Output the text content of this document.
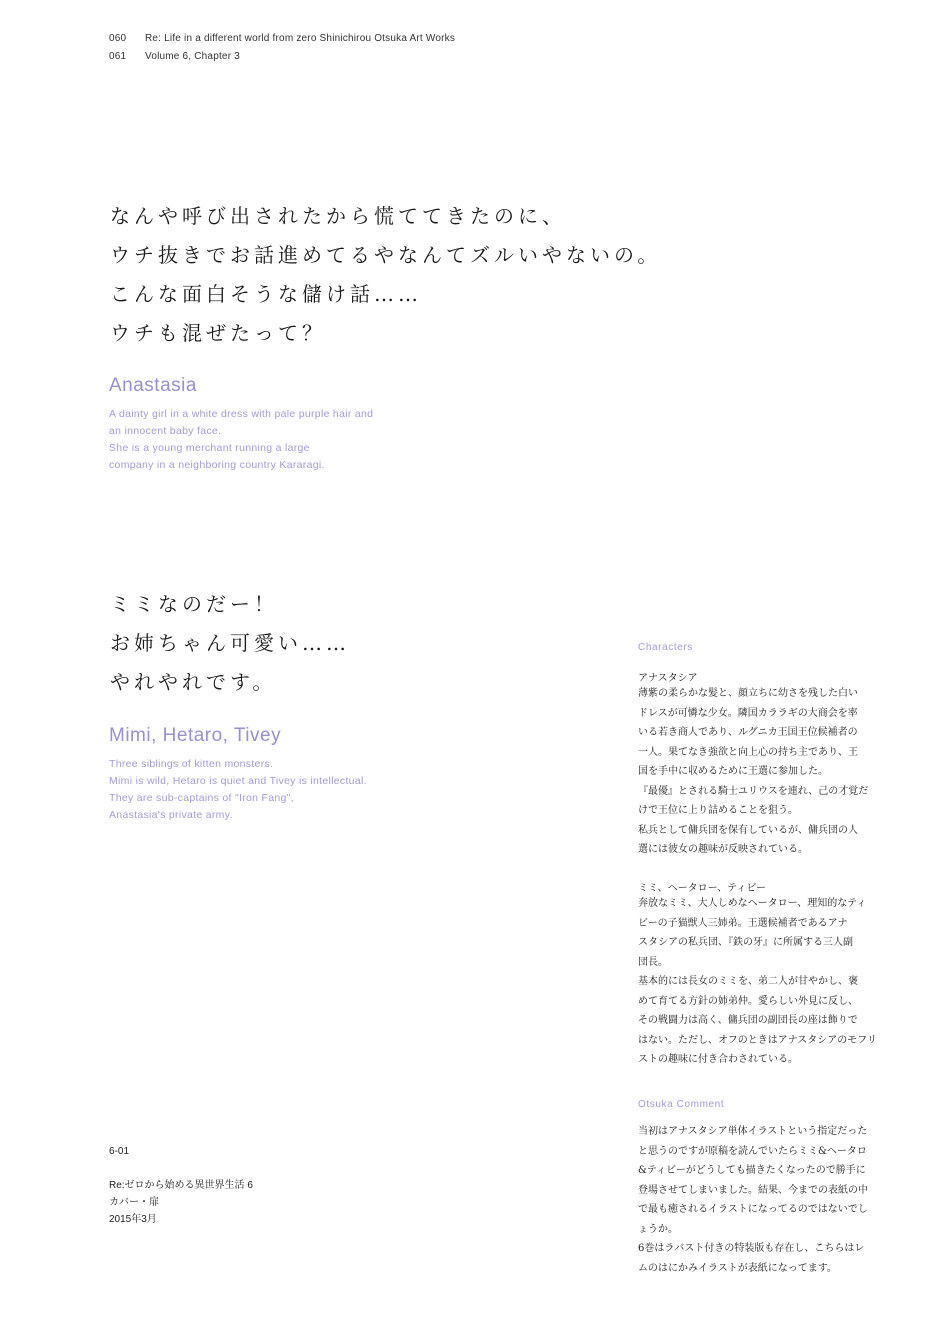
060 Re: Life in a different world from zero Shinichirou Otsuka Art Works
061 Volume 6, Chapter 3
なんや呼び出されたから慌ててきたのに、
ウチ抜きでお話進めてるやなんてズルいやないの。
こんな面白そうな儲け話……
ウチも混ぜたって？
Anastasia
A dainty girl in a white dress with pale purple hair and
an innocent baby face.
She is a young merchant running a large
company in a neighboring country Kararagi.
ミミなのだー！
お姉ちゃん可愛い……
やれやれです。
Mimi, Hetaro, Tivey
Three siblings of kitten monsters.
Mimi is wild, Hetaro is quiet and Tivey is intellectual.
They are sub-captains of "Iron Fang",
Anastasia's private army.
Characters
アナスタシア
薄紫の柔らかな髪と、顔立ちに幼さを残した白い
ドレスが可憐な少女。隣国カララギの大商会を率
いる若き商人であり、ルグニカ王国王位候補者の
一人。果てなき強欲と向上心の持ち主であり、王
国を手中に収めるために王選に参加した。
『最優』とされる騎士ユリウスを連れ、己の才覚だ
けで王位に上り詰めることを狙う。
私兵として傭兵団を保有しているが、傭兵団の人
選には彼女の趣味が反映されている。
ミミ、ヘータロー、ティビー
奔放なミミ、大人しめなヘータロー、理知的なティ
ビーの子猫獣人三姉弟。王選候補者であるアナ
スタシアの私兵団、『鉄の牙』に所属する三人副
団長。
基本的には長女のミミを、弟二人が甘やかし、褒
めて育てる方針の姉弟仲。愛らしい外見に反し、
その戦闘力は高く、傭兵団の副団長の座は飾りで
はない。ただし、オフのときはアナスタシアのモフリ
ストの趣味に付き合わされている。
Otsuka Comment
当初はアナスタシア単体イラストという指定だった
と思うのですが原稿を読んでいたらミミ&ヘータロ
&ティビーがどうしても描きたくなったので勝手に
登場させてしまいました。結果、今までの表紙の中
で最も癒されるイラストになってるのではないでし
ょうか。
6巻はラバスト付きの特装版も存在し、こちらはレ
ムのはにかみイラストが表紙になってます。
6-01
Re:ゼロから始める異世界生活 6
カバー・扉
2015年3月
